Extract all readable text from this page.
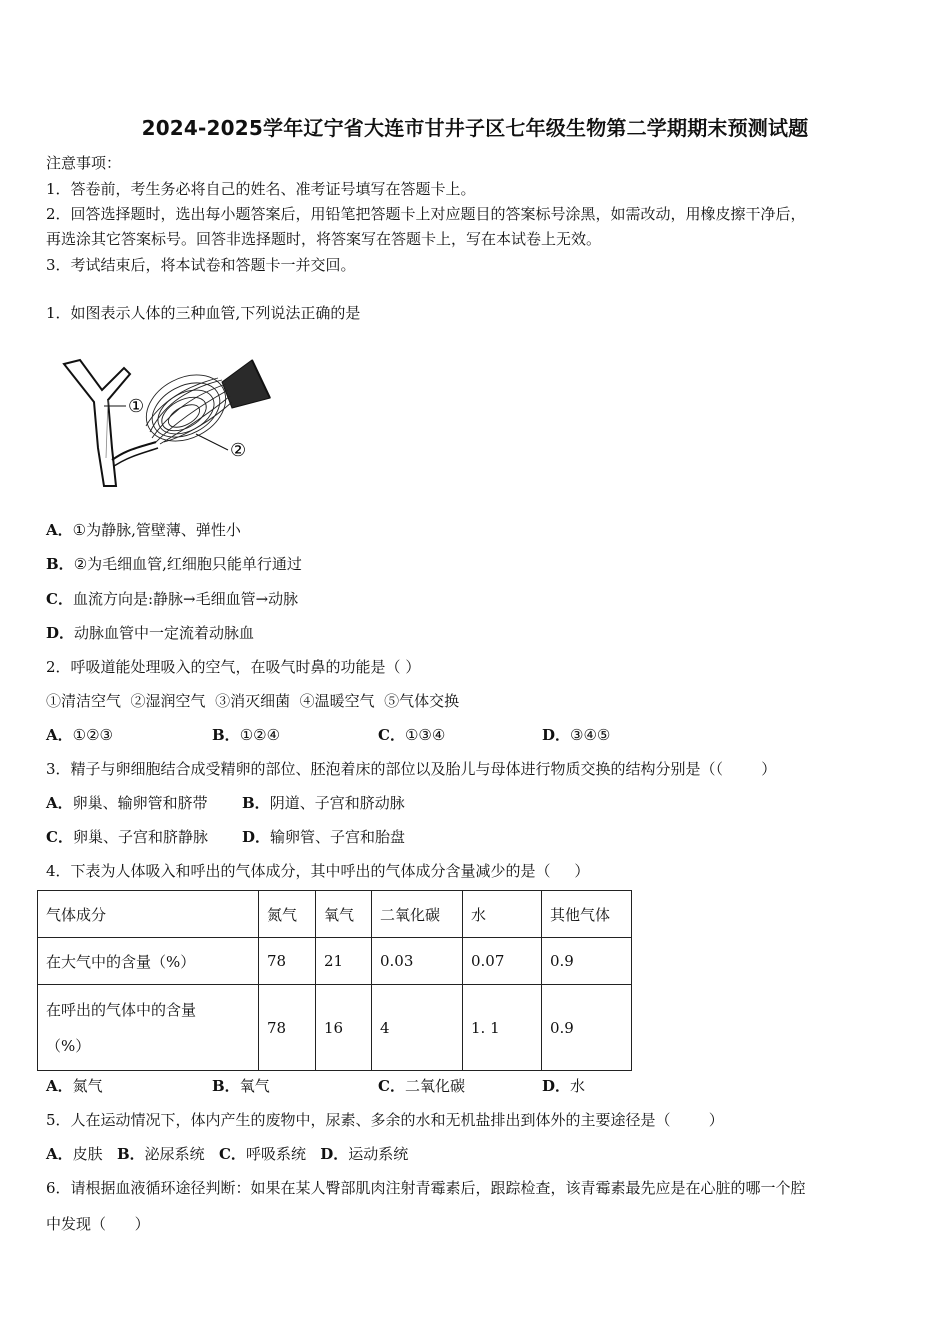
2024-2025学年辽宁省大连市甘井子区七年级生物第二学期期末预测试题
注意事项：
1．答卷前，考生务必将自己的姓名、准考证号填写在答题卡上。
2．回答选择题时，选出每小题答案后，用铅笔把答题卡上对应题目的答案标号涂黑，如需改动，用橡皮擦干净后，
再选涂其它答案标号。回答非选择题时，将答案写在答题卡上，写在本试卷上无效。
3．考试结束后，将本试卷和答题卡一并交回。
1．如图表示人体的三种血管,下列说法正确的是
①
②
A．①为静脉,管壁薄、弹性小
B．②为毛细血管,红细胞只能单行通过
C．血流方向是:静脉→毛细血管→动脉
D．动脉血管中一定流着动脉血
2．呼吸道能处理吸入的空气，在吸气时鼻的功能是（ ）
①清洁空气  ②湿润空气  ③消灭细菌  ④温暖空气  ⑤气体交换
A．①②③	B．①②④	C．①③④	D．③④⑤
3．精子与卵细胞结合成受精卵的部位、胚泡着床的部位以及胎儿与母体进行物质交换的结构分别是（（        ）
A．卵巢、输卵管和脐带 B．阴道、子宫和脐动脉
C．卵巢、子宫和脐静脉 D．输卵管、子宫和胎盘
4．下表为人体吸入和呼出的气体成分，其中呼出的气体成分含量减少的是（     ）
气体成分	氮气	氧气	二氧化碳	水	其他气体
在大气中的含量（%）	78	21	0.03	0.07	0.9
在呼出的气体中的含量
（%）	78	16	4	1. 1	0.9
A．氮气	B．氧气	C．二氧化碳	D．水
5．人在运动情况下，体内产生的废物中，尿素、多余的水和无机盐排出到体外的主要途径是（        ）
A．皮肤 B．泌尿系统 C．呼吸系统 D．运动系统
6．请根据血液循环途径判断：如果在某人臀部肌肉注射青霉素后，跟踪检查，该青霉素最先应是在心脏的哪一个腔
中发现（      ）
